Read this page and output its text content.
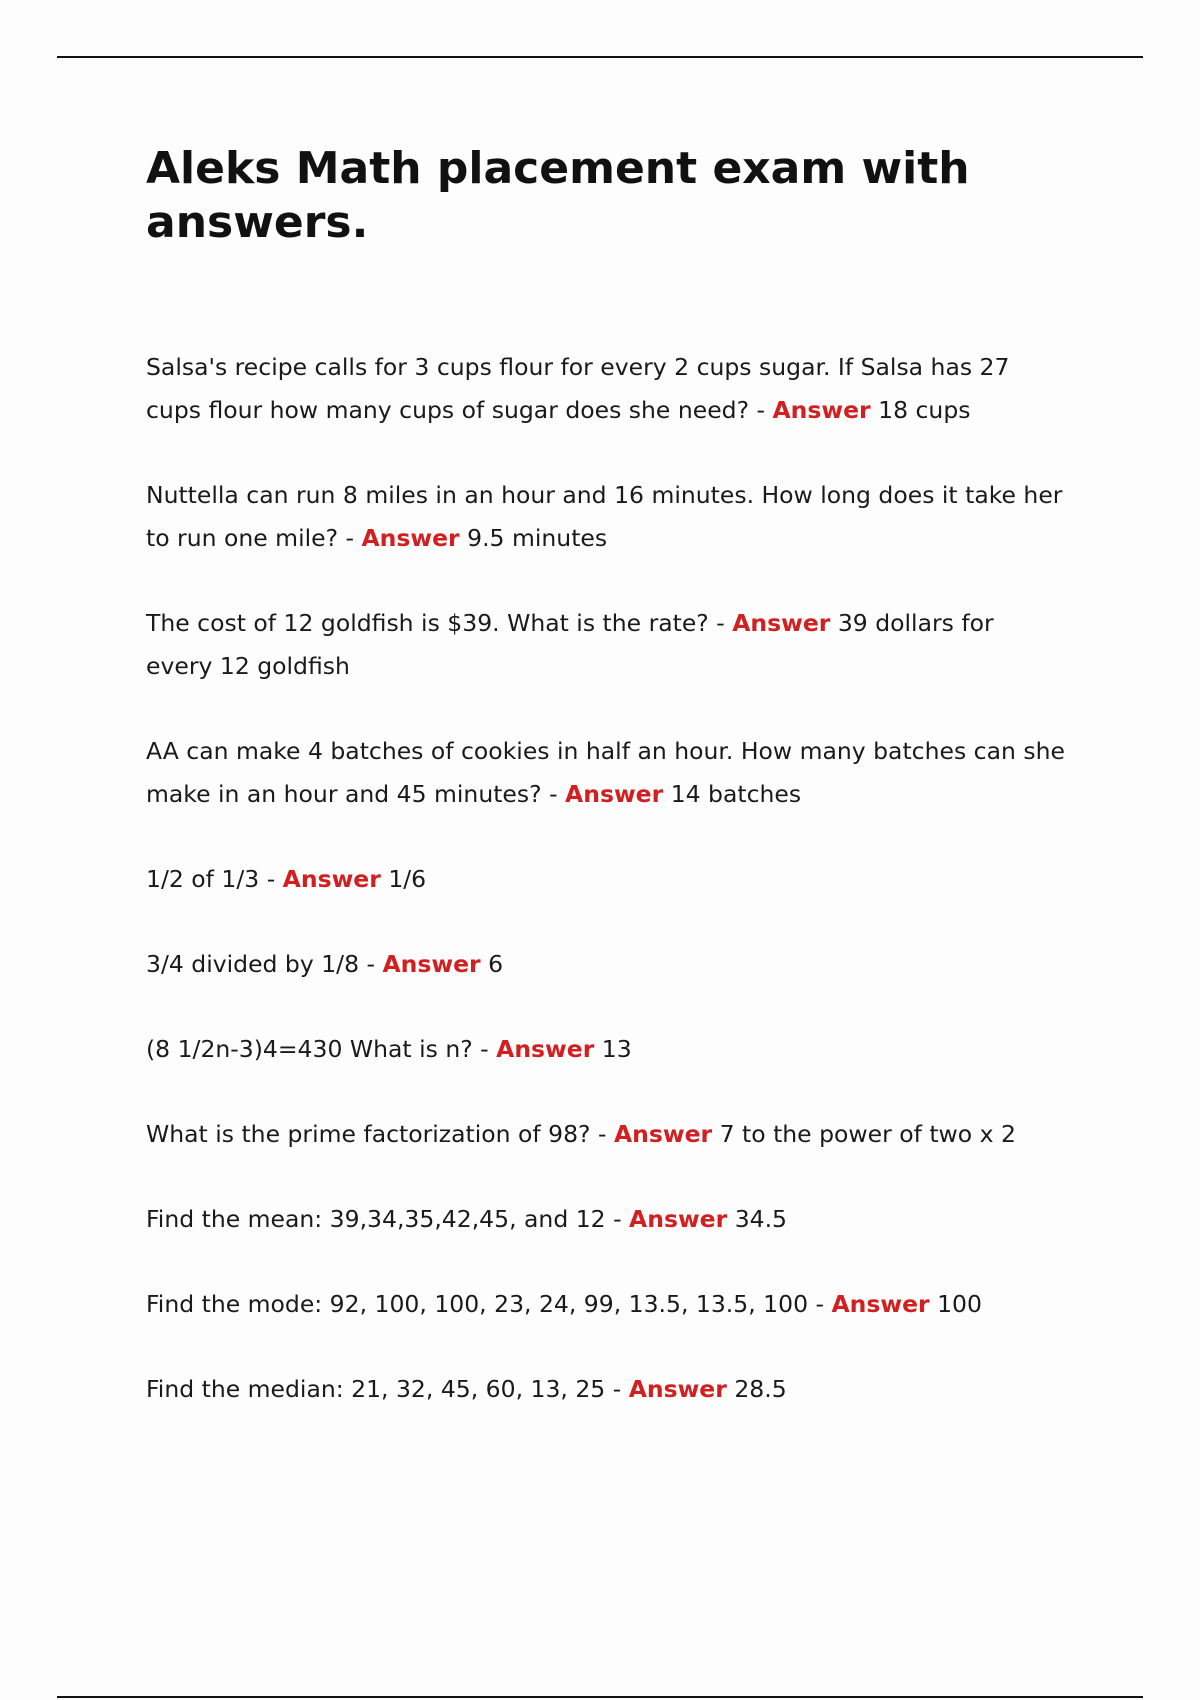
Aleks Math placement exam with answers.

Salsa's recipe calls for 3 cups flour for every 2 cups sugar. If Salsa has 27 cups flour how many cups of sugar does she need? - Answer 18 cups

Nuttella can run 8 miles in an hour and 16 minutes. How long does it take her to run one mile? - Answer 9.5 minutes

The cost of 12 goldfish is $39. What is the rate? - Answer 39 dollars for every 12 goldfish

AA can make 4 batches of cookies in half an hour. How many batches can she make in an hour and 45 minutes? - Answer 14 batches

1/2 of 1/3 - Answer 1/6

3/4 divided by 1/8 - Answer 6

(8 1/2n-3)4=430 What is n? - Answer 13

What is the prime factorization of 98? - Answer 7 to the power of two x 2

Find the mean: 39,34,35,42,45, and 12 - Answer 34.5

Find the mode: 92, 100, 100, 23, 24, 99, 13.5, 13.5, 100 - Answer 100

Find the median: 21, 32, 45, 60, 13, 25 - Answer 28.5
